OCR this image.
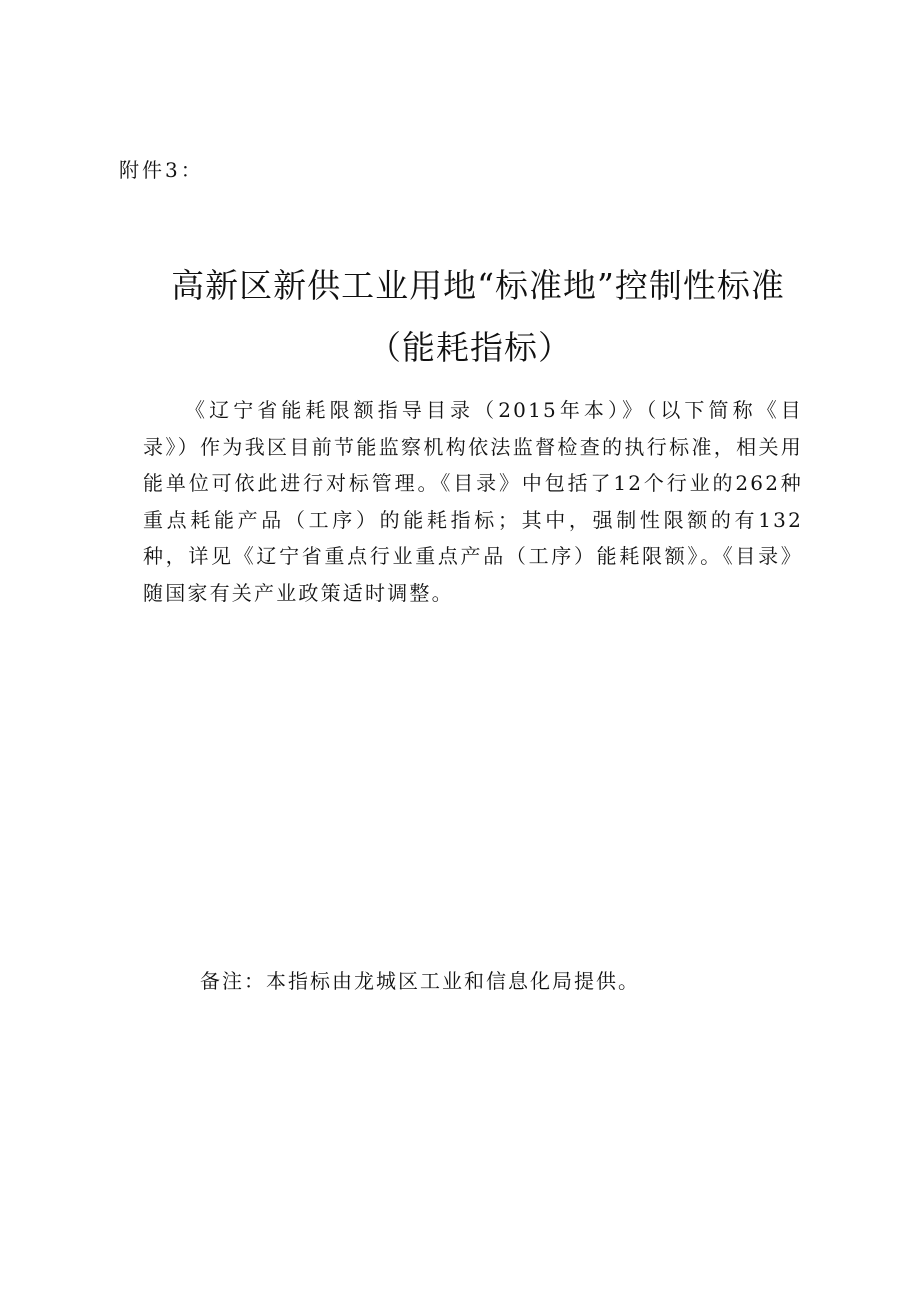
附件3：
高新区新供工业用地“标准地”控制性标准
（能耗指标）

《辽宁省能耗限额指导目录（2015年本）》（以下简称《目录》）作为我区目前节能监察机构依法监督检查的执行标准，相关用能单位可依此进行对标管理。《目录》中包括了12个行业的262种重点耗能产品（工序）的能耗指标；其中，强制性限额的有132种，详见《辽宁省重点行业重点产品（工序）能耗限额》。《目录》随国家有关产业政策适时调整。

备注：本指标由龙城区工业和信息化局提供。
